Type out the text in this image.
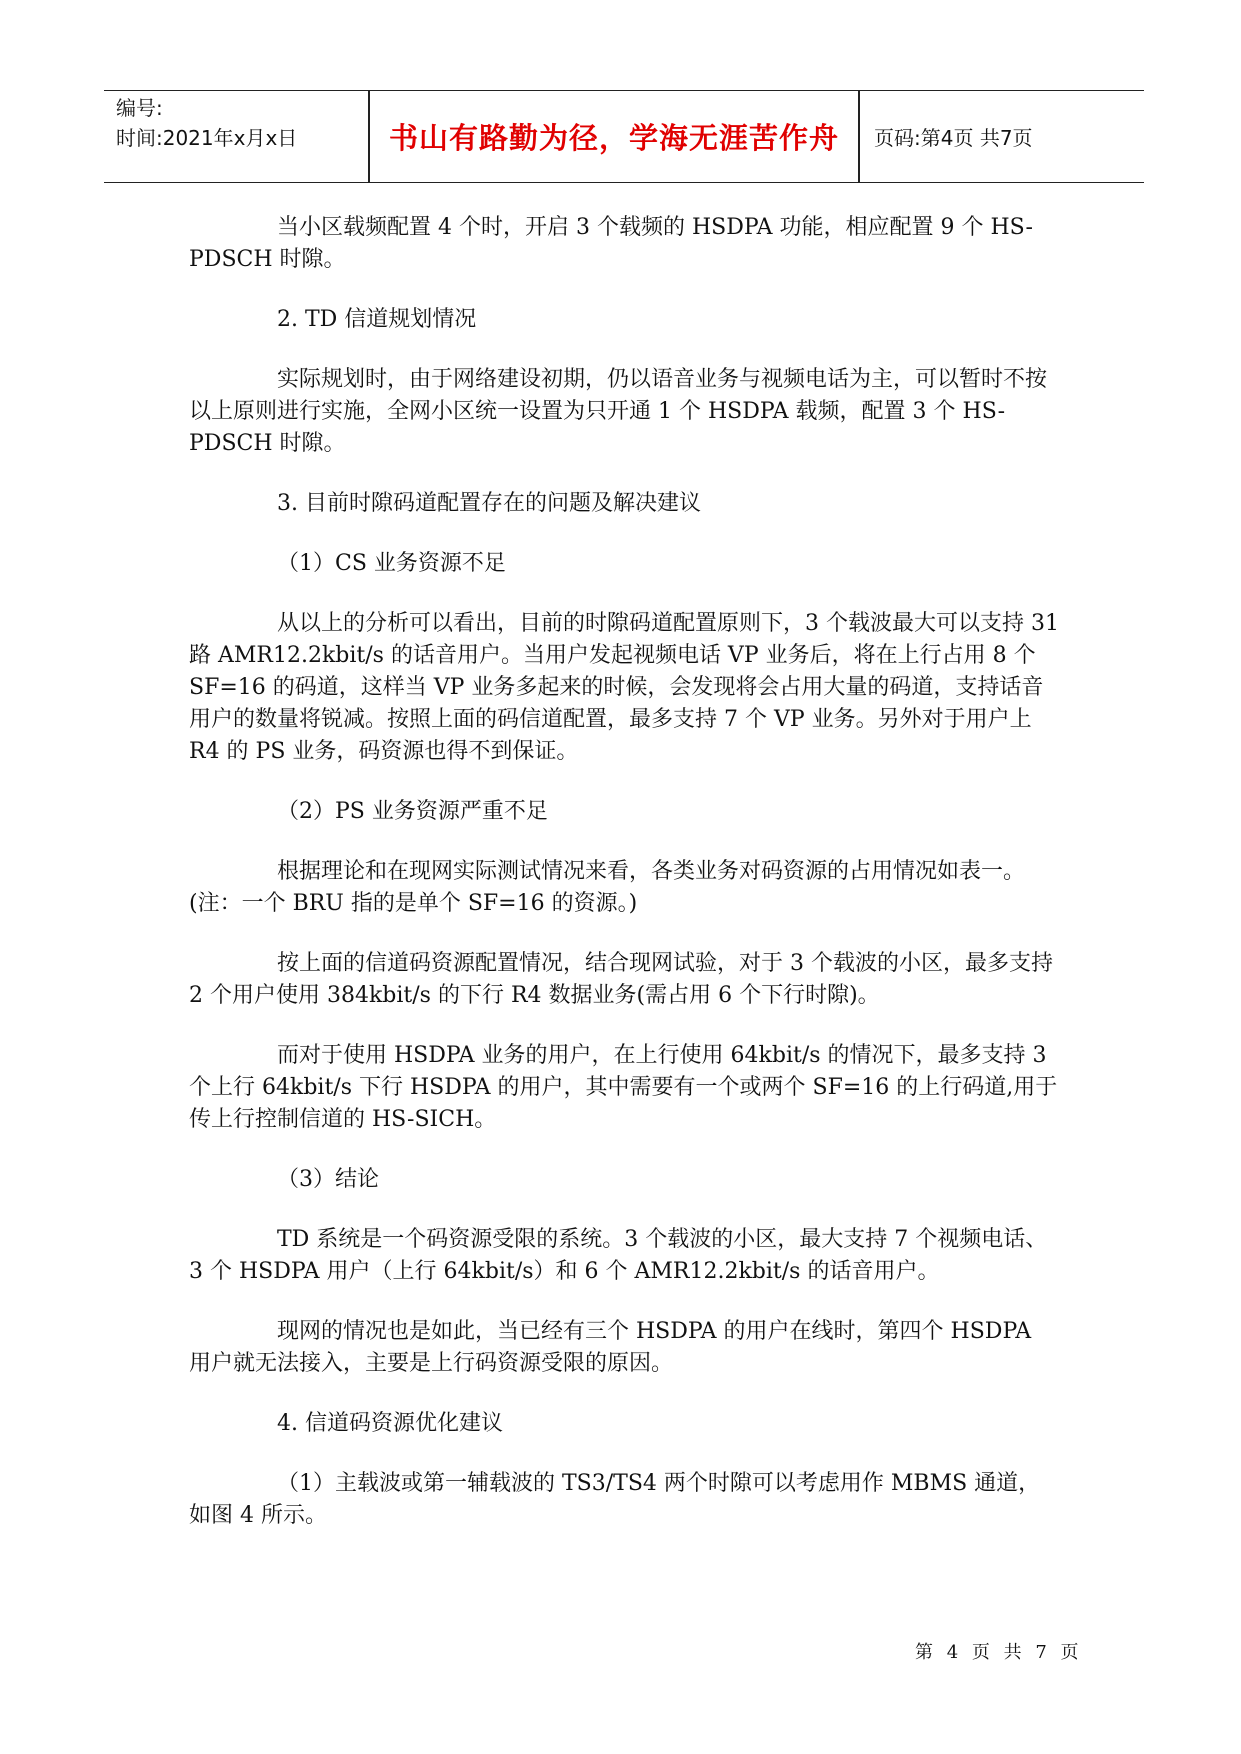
编号:
时间:2021年x月x日	书山有路勤为径，学海无涯苦作舟	页码:第4页 共7页

当小区载频配置 4 个时，开启 3 个载频的 HSDPA 功能，相应配置 9 个 HS-PDSCH 时隙。

2. TD 信道规划情况

实际规划时，由于网络建设初期，仍以语音业务与视频电话为主，可以暂时不按以上原则进行实施，全网小区统一设置为只开通 1 个 HSDPA 载频，配置 3 个 HS-PDSCH 时隙。

3. 目前时隙码道配置存在的问题及解决建议

（1）CS 业务资源不足

从以上的分析可以看出，目前的时隙码道配置原则下，3 个载波最大可以支持 31 路 AMR12.2kbit/s 的话音用户。当用户发起视频电话 VP 业务后，将在上行占用 8 个 SF=16 的码道，这样当 VP 业务多起来的时候，会发现将会占用大量的码道，支持话音用户的数量将锐减。按照上面的码信道配置，最多支持 7 个 VP 业务。另外对于用户上 R4 的 PS 业务，码资源也得不到保证。

（2）PS 业务资源严重不足

根据理论和在现网实际测试情况来看，各类业务对码资源的占用情况如表一。(注：一个 BRU 指的是单个 SF=16 的资源。)

按上面的信道码资源配置情况，结合现网试验，对于 3 个载波的小区，最多支持 2 个用户使用 384kbit/s 的下行 R4 数据业务(需占用 6 个下行时隙)。

而对于使用 HSDPA 业务的用户，在上行使用 64kbit/s 的情况下，最多支持 3 个上行 64kbit/s 下行 HSDPA 的用户，其中需要有一个或两个 SF=16 的上行码道,用于传上行控制信道的 HS-SICH。

（3）结论

TD 系统是一个码资源受限的系统。3 个载波的小区，最大支持 7 个视频电话、3 个 HSDPA 用户（上行 64kbit/s）和 6 个 AMR12.2kbit/s 的话音用户。

现网的情况也是如此，当已经有三个 HSDPA 的用户在线时，第四个 HSDPA 用户就无法接入，主要是上行码资源受限的原因。

4. 信道码资源优化建议

（1）主载波或第一辅载波的 TS3/TS4 两个时隙可以考虑用作 MBMS 通道，如图 4 所示。

第 4 页 共 7 页
